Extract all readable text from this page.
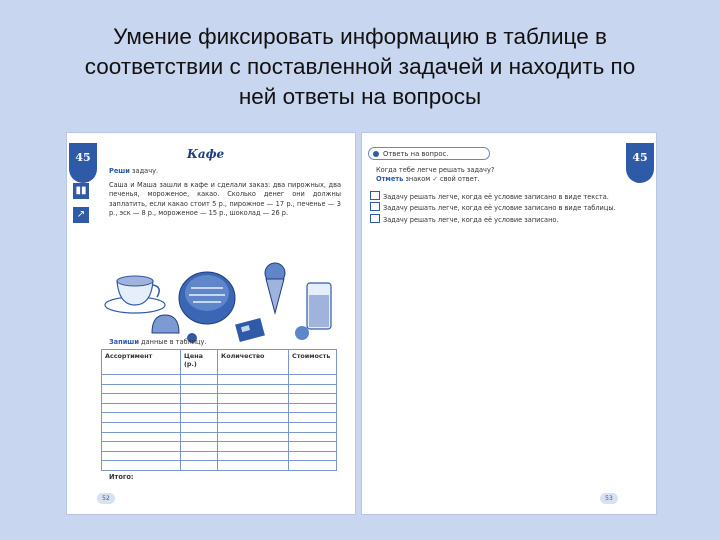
Умение фиксировать информацию в таблице в
соответствии с поставленной задачей и находить по
ней ответы на вопросы
45
▮▮
↗
Кафе
Реши задачу.
Саша и Маша зашли в кафе и сделали заказ: два пирожных, два печенья, мороженое, какао. Сколько денег они должны заплатить, если какао стоит 5 р., пирожное — 17 р., печенье — 3 р., эск — 8 р., мороженое — 15 р., шоколад — 26 р.
Запиши данные в таблицу.
Ассортимент	Цена (р.)	Количество	Стоимость

Итого:
52
Ответь на вопрос.	45
Когда тебе легче решать задачу?
Отметь знаком ✓ свой ответ.
Задачу решать легче, когда её условие записано в виде текста.
Задачу решать легче, когда её условие записано в виде таблицы.
Задачу решать легче, когда её условие записано.
53
